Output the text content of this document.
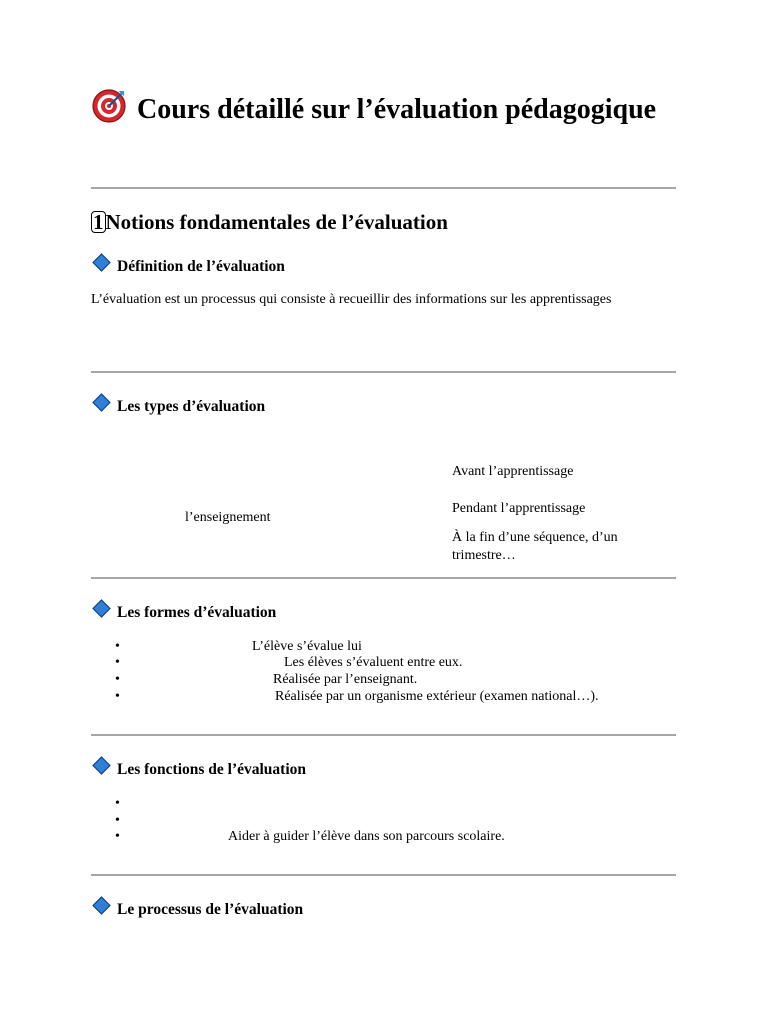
Cours détaillé sur l’évaluation pédagogique
1Notions fondamentales de l’évaluation
Définition de l’évaluation
L’évaluation est un processus qui consiste à recueillir des informations sur les apprentissages
Les types d’évaluation
l’enseignement
Avant l’apprentissage
Pendant l’apprentissage
À la fin d’une séquence, d’un
trimestre…
Les formes d’évaluation
•
L’élève s’évalue lui
•
Les élèves s’évaluent entre eux.
•
Réalisée par l’enseignant.
•
Réalisée par un organisme extérieur (examen national…).
Les fonctions de l’évaluation
•
•
•
Aider à guider l’élève dans son parcours scolaire.
Le processus de l’évaluation
